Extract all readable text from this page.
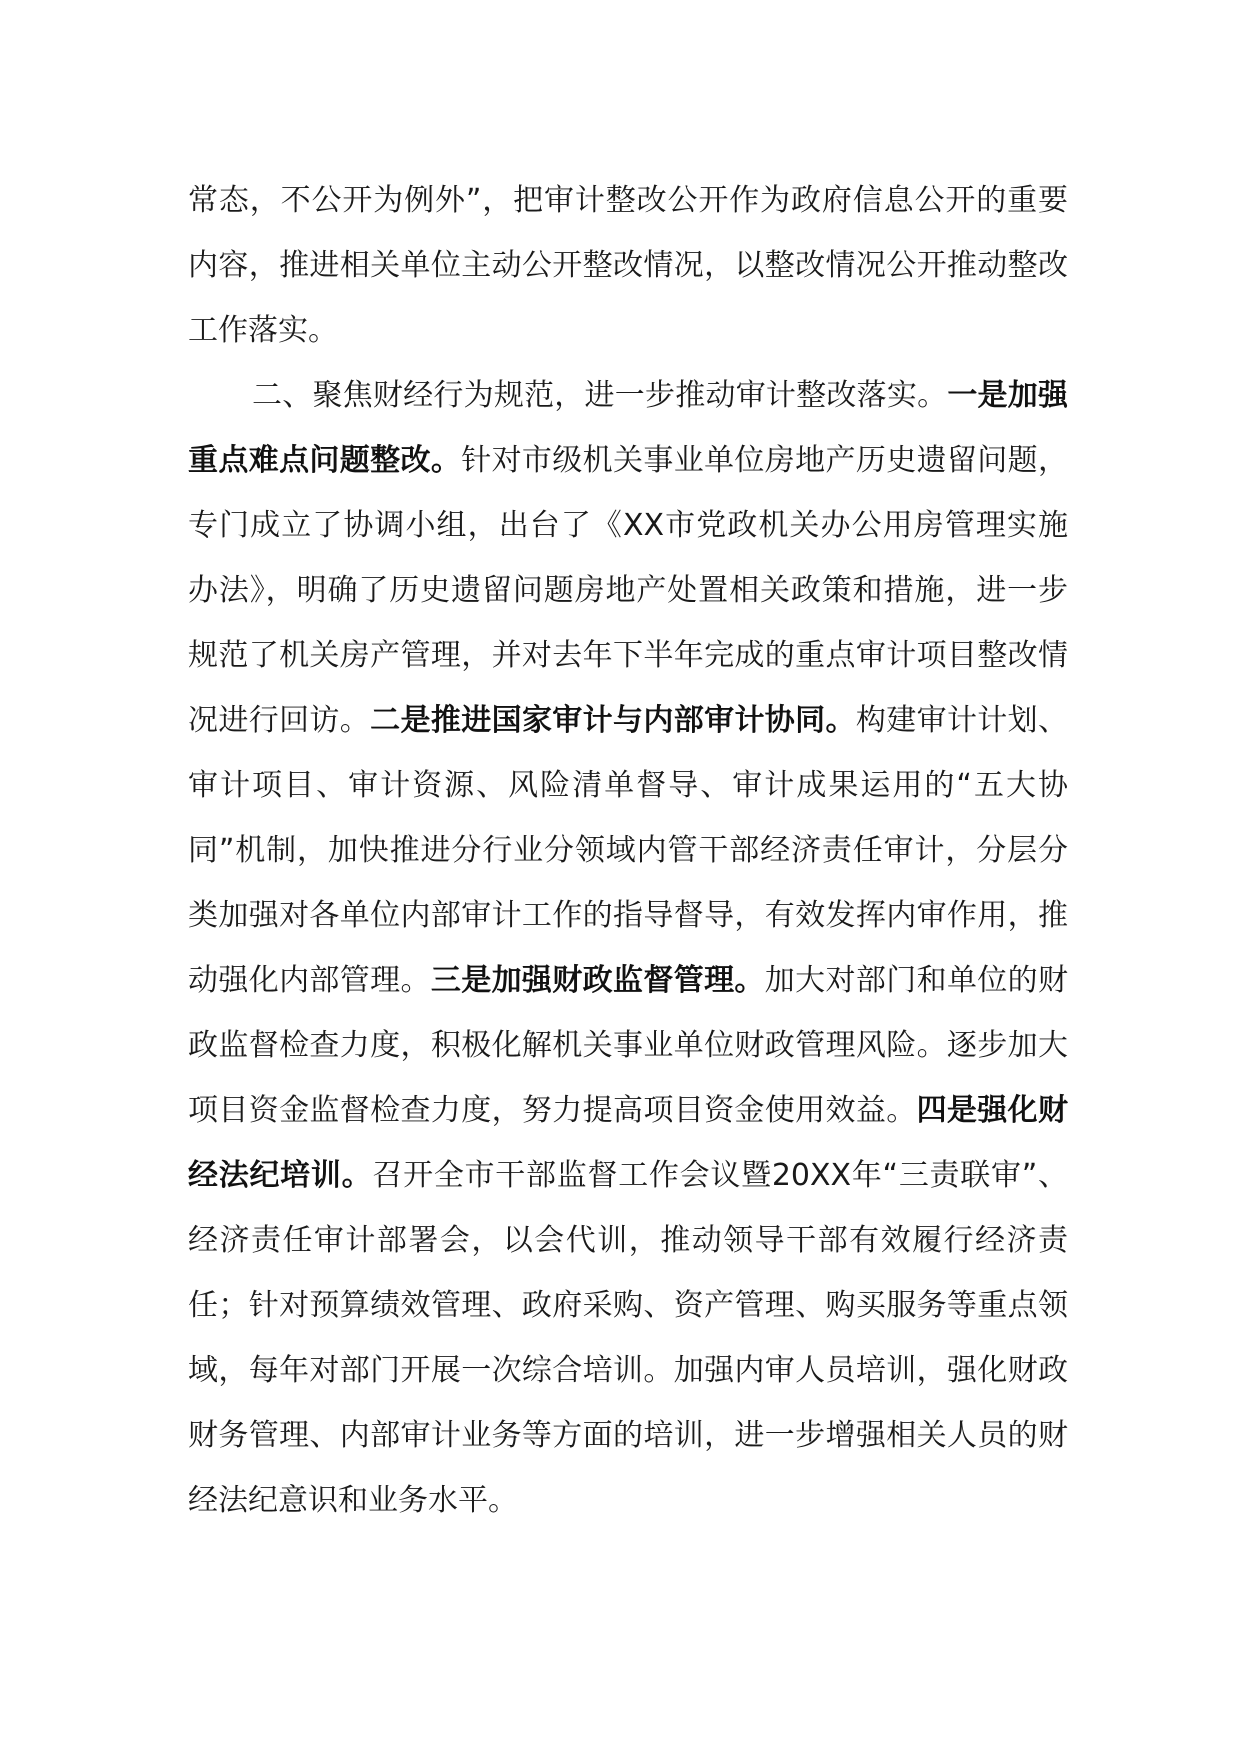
常态，不公开为例外”，把审计整改公开作为政府信息公开的重要内容，推进相关单位主动公开整改情况，以整改情况公开推动整改工作落实。

二、聚焦财经行为规范，进一步推动审计整改落实。一是加强重点难点问题整改。针对市级机关事业单位房地产历史遗留问题，专门成立了协调小组，出台了《XX市党政机关办公用房管理实施办法》，明确了历史遗留问题房地产处置相关政策和措施，进一步规范了机关房产管理，并对去年下半年完成的重点审计项目整改情况进行回访。二是推进国家审计与内部审计协同。构建审计计划、审计项目、审计资源、风险清单督导、审计成果运用的“五大协同”机制，加快推进分行业分领域内管干部经济责任审计，分层分类加强对各单位内部审计工作的指导督导，有效发挥内审作用，推动强化内部管理。三是加强财政监督管理。加大对部门和单位的财政监督检查力度，积极化解机关事业单位财政管理风险。逐步加大项目资金监督检查力度，努力提高项目资金使用效益。四是强化财经法纪培训。召开全市干部监督工作会议暨20XX年“三责联审”、经济责任审计部署会，以会代训，推动领导干部有效履行经济责任；针对预算绩效管理、政府采购、资产管理、购买服务等重点领域，每年对部门开展一次综合培训。加强内审人员培训，强化财政财务管理、内部审计业务等方面的培训，进一步增强相关人员的财经法纪意识和业务水平。
